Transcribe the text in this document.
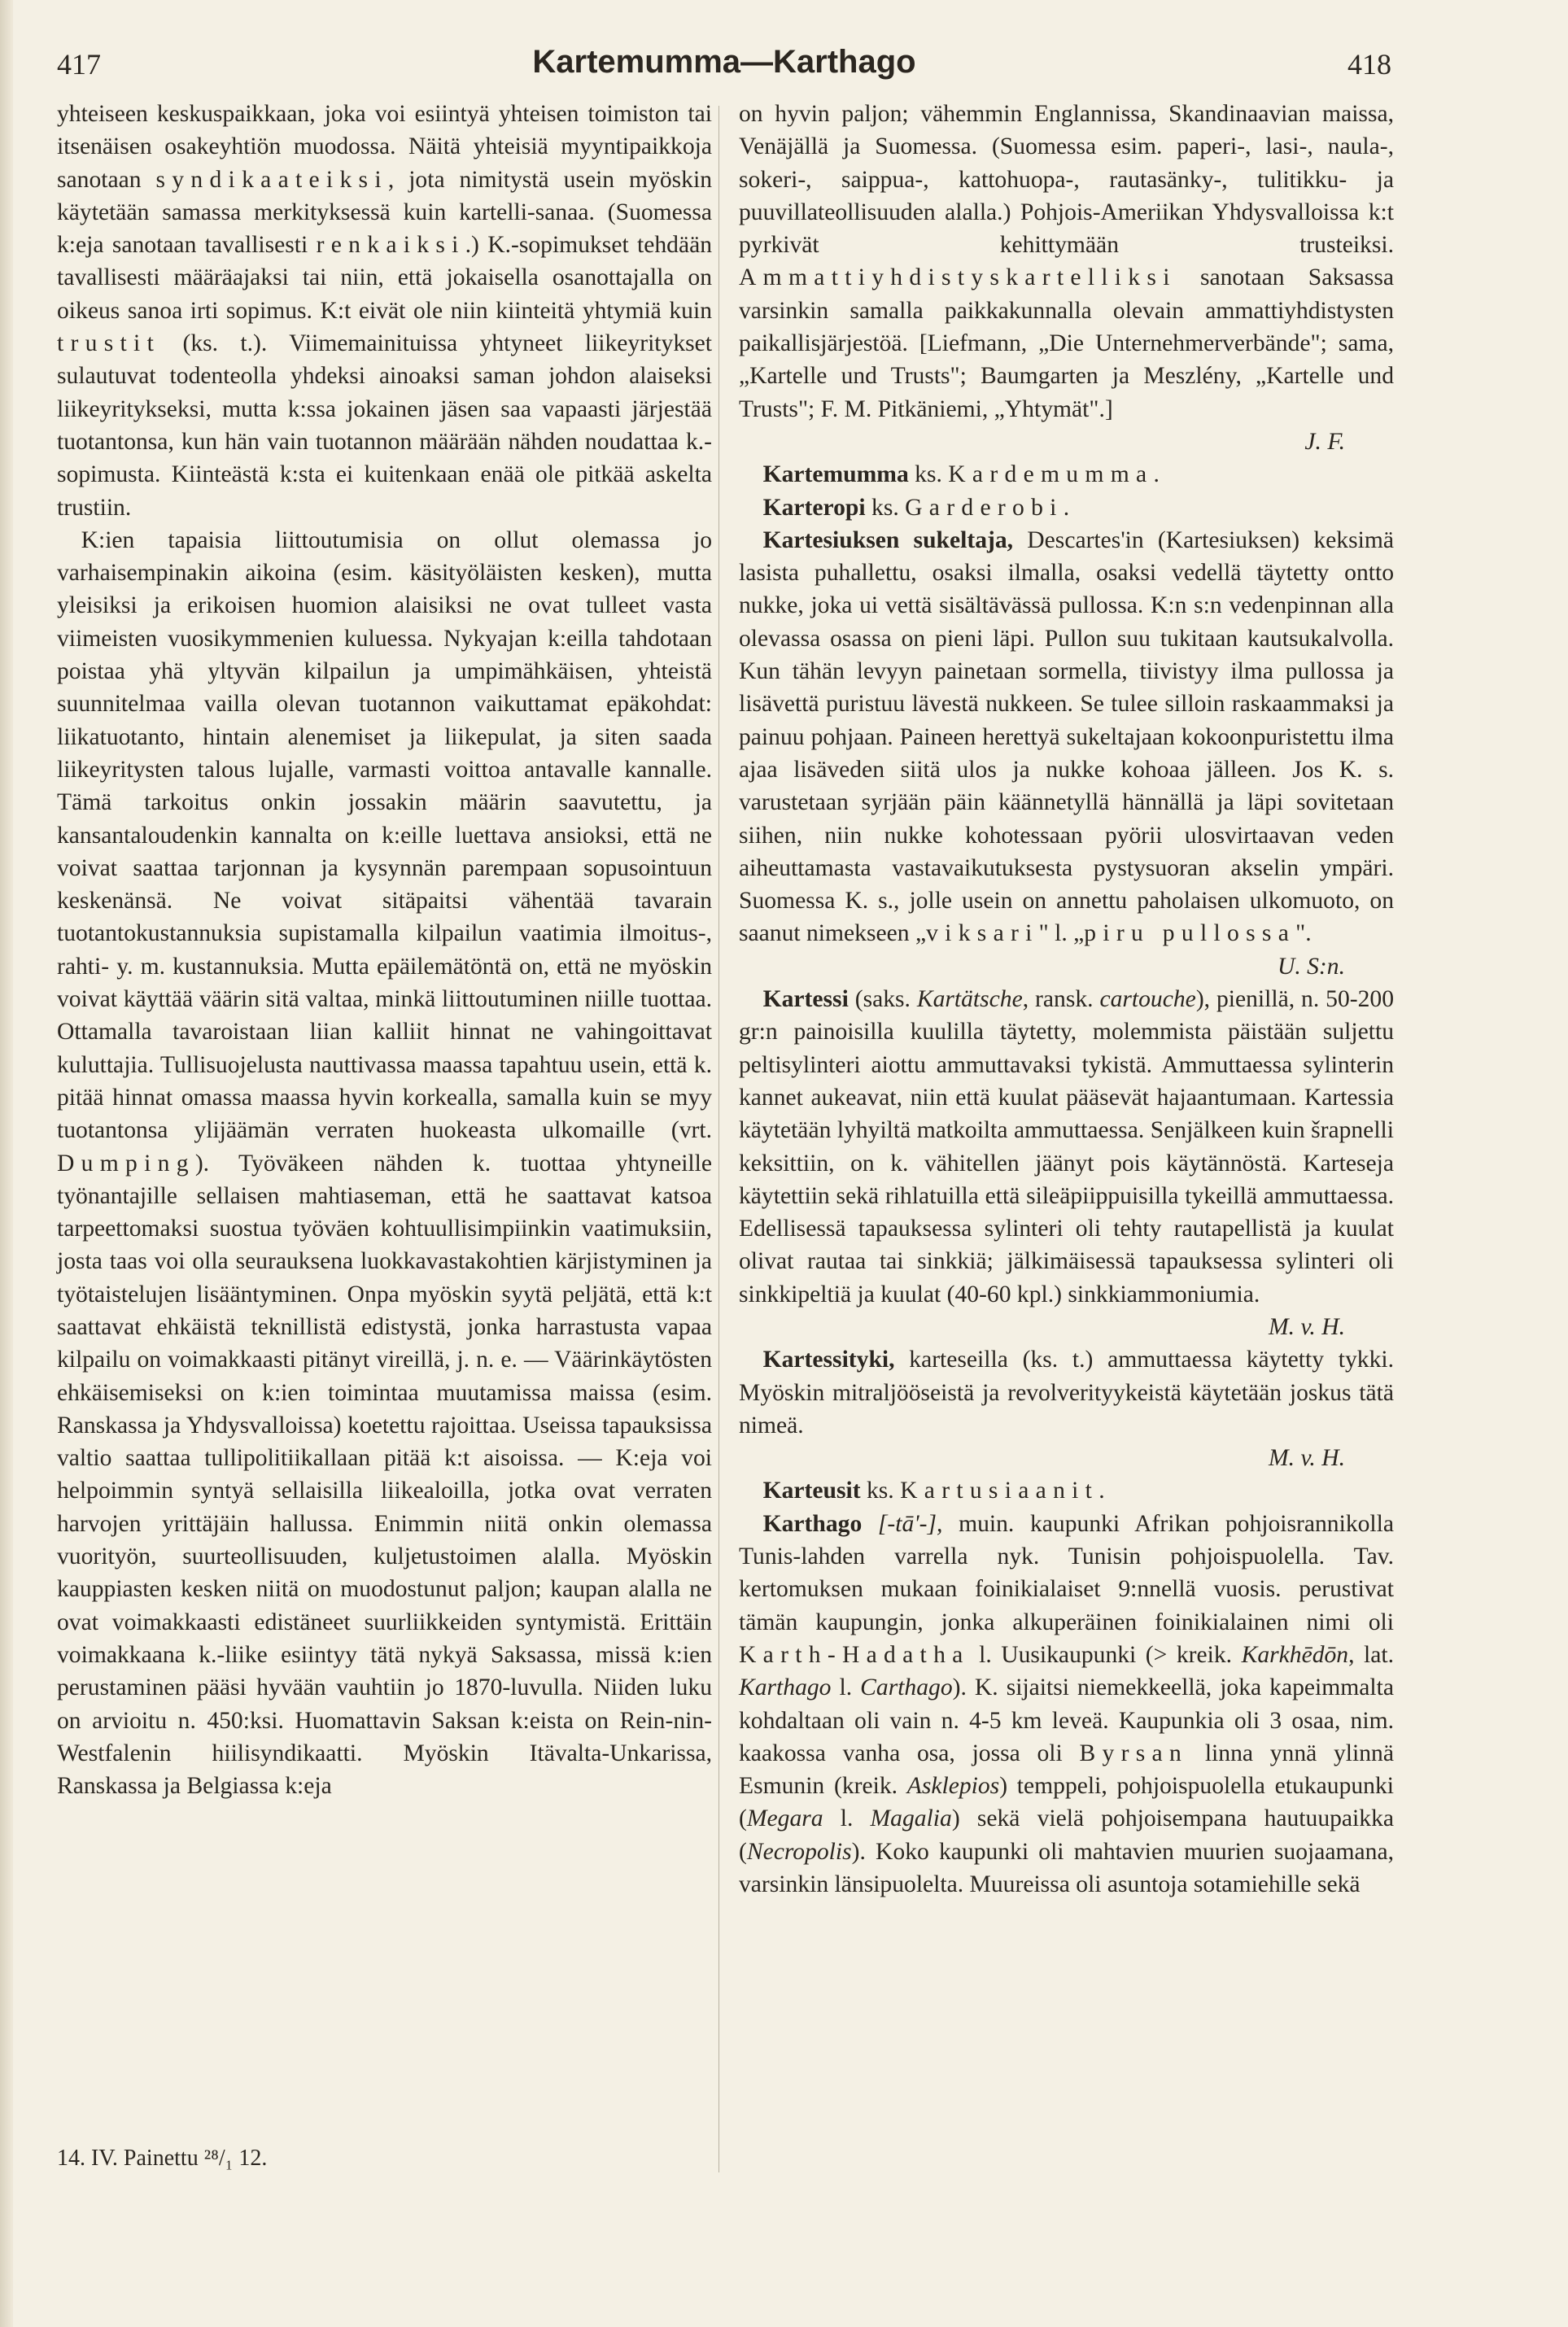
417	Kartemumma—Karthago	418

yhteiseen keskuspaikkaan, joka voi esiintyä yhteisen toimiston tai itsenäisen osakeyhtiön muodossa. Näitä yhteisiä myyntipaikkoja sanotaan syndikaateiksi, jota nimitystä usein myöskin käytetään samassa merkityksessä kuin kartelli-sanaa. (Suomessa k:eja sanotaan tavallisesti renkaiksi.) K.-sopimukset tehdään tavallisesti määräajaksi tai niin, että jokaisella osanottajalla on oikeus sanoa irti sopimus. K:t eivät ole niin kiinteitä yhtymiä kuin trustit (ks. t.). Viimemainituissa yhtyneet liikeyritykset sulautuvat todenteolla yhdeksi ainoaksi saman johdon alaiseksi liikeyritykseksi, mutta k:ssa jokainen jäsen saa vapaasti järjestää tuotantonsa, kun hän vain tuotannon määrään nähden noudattaa k.-sopimusta. Kiinteästä k:sta ei kuitenkaan enää ole pitkää askelta trustiin.

 K:ien tapaisia liittoutumisia on ollut olemassa jo varhaisempinakin aikoina (esim. käsityöläisten kesken), mutta yleisiksi ja erikoisen huomion alaisiksi ne ovat tulleet vasta viimeisten vuosikymmenien kuluessa. Nykyajan k:eilla tahdotaan poistaa yhä yltyvän kilpailun ja umpimähkäisen, yhteistä suunnitelmaa vailla olevan tuotannon vaikuttamat epäkohdat: liikatuotanto, hintain alenemiset ja liikepulat, ja siten saada liikeyritysten talous lujalle, varmasti voittoa antavalle kannalle. Tämä tarkoitus onkin jossakin määrin saavutettu, ja kansantaloudenkin kannalta on k:eille luettava ansioksi, että ne voivat saattaa tarjonnan ja kysynnän parempaan sopusointuun keskenänsä. Ne voivat sitäpaitsi vähentää tavarain tuotantokustannuksia supistamalla kilpailun vaatimia ilmoitus-, rahti- y. m. kustannuksia. Mutta epäilemätöntä on, että ne myöskin voivat käyttää väärin sitä valtaa, minkä liittoutuminen niille tuottaa. Ottamalla tavaroistaan liian kalliit hinnat ne vahingoittavat kuluttajia. Tullisuojelusta nauttivassa maassa tapahtuu usein, että k. pitää hinnat omassa maassa hyvin korkealla, samalla kuin se myy tuotantonsa ylijäämän verraten huokeasta ulkomaille (vrt. Dumping). Työväkeen nähden k. tuottaa yhtyneille työnantajille sellaisen mahtiaseman, että he saattavat katsoa tarpeettomaksi suostua työväen kohtuullisimpiinkin vaatimuksiin, josta taas voi olla seurauksena luokkavastakohtien kärjistyminen ja työtaistelujen lisääntyminen. Onpa myöskin syytä peljätä, että k:t saattavat ehkäistä teknillistä edistystä, jonka harrastusta vapaa kilpailu on voimakkaasti pitänyt vireillä, j. n. e. — Väärinkäytösten ehkäisemiseksi on k:ien toimintaa muutamissa maissa (esim. Ranskassa ja Yhdysvalloissa) koetettu rajoittaa. Useissa tapauksissa valtio saattaa tullipolitiikallaan pitää k:t aisoissa. — K:eja voi helpoimmin syntyä sellaisilla liikealoilla, jotka ovat verraten harvojen yrittäjäin hallussa. Enimmin niitä onkin olemassa vuorityön, suurteollisuuden, kuljetustoimen alalla. Myöskin kauppiasten kesken niitä on muodostunut paljon; kaupan alalla ne ovat voimakkaasti edistäneet suurliikkeiden syntymistä. Erittäin voimakkaana k.-liike esiintyy tätä nykyä Saksassa, missä k:ien perustaminen pääsi hyvään vauhtiin jo 1870-luvulla. Niiden luku on arvioitu n. 450:ksi. Huomattavin Saksan k:eista on Rein-nin-Westfalenin hiilisyndikaatti. Myöskin Itävalta-Unkarissa, Ranskassa ja Belgiassa k:eja

on hyvin paljon; vähemmin Englannissa, Skandinaavian maissa, Venäjällä ja Suomessa. (Suomessa esim. paperi-, lasi-, naula-, sokeri-, saippua-, kattohuopa-, rautasänky-, tulitikku- ja puuvillateollisuuden alalla.) Pohjois-Ameriikan Yhdysvalloissa k:t pyrkivät kehittymään trusteiksi. Ammattiyhdistyskartelliksi sanotaan Saksassa varsinkin samalla paikkakunnalla olevain ammattiyhdistysten paikallisjärjestöä. [Liefmann, „Die Unternehmerverbände"; sama, „Kartelle und Trusts"; Baumgarten ja Meszlény, „Kartelle und Trusts"; F. M. Pitkäniemi, „Yhtymät".]

J. F.

 Kartemumma ks. Kardemumma.

 Karteropi ks. Garderobi.

 Kartesiuksen sukeltaja, Descartes'in (Kartesiuksen) keksimä lasista puhallettu, osaksi ilmalla, osaksi vedellä täytetty ontto nukke, joka ui vettä sisältävässä pullossa. K:n s:n vedenpinnan alla olevassa osassa on pieni läpi. Pullon suu tukitaan kautsukalvolla. Kun tähän levyyn painetaan sormella, tiivistyy ilma pullossa ja lisävettä puristuu lävestä nukkeen. Se tulee silloin raskaammaksi ja painuu pohjaan. Paineen herettyä sukeltajaan kokoonpuristettu ilma ajaa lisäveden siitä ulos ja nukke kohoaa jälleen. Jos K. s. varustetaan syrjään päin käännetyllä hännällä ja läpi sovitetaan siihen, niin nukke kohotessaan pyörii ulosvirtaavan veden aiheuttamasta vastavaikutuksesta pystysuoran akselin ympäri. Suomessa K. s., jolle usein on annettu paholaisen ulkomuoto, on saanut nimekseen „viksari" l. „piru pullossa".

U. S:n.

 Kartessi (saks. Kartätsche, ransk. cartouche), pienillä, n. 50-200 gr:n painoisilla kuulilla täytetty, molemmista päistään suljettu peltisylinteri aiottu ammuttavaksi tykistä. Ammuttaessa sylinterin kannet aukeavat, niin että kuulat pääsevät hajaantumaan. Kartessia käytetään lyhyiltä matkoilta ammuttaessa. Senjälkeen kuin šrapnelli keksittiin, on k. vähitellen jäänyt pois käytännöstä. Karteseja käytettiin sekä rihlatuilla että sileäpiippuisilla tykeillä ammuttaessa. Edellisessä tapauksessa sylinteri oli tehty rautapellistä ja kuulat olivat rautaa tai sinkkiä; jälkimäisessä tapauksessa sylinteri oli sinkkipeltiä ja kuulat (40-60 kpl.) sinkkiammoniumia.

M. v. H.

 Kartessityki, karteseilla (ks. t.) ammuttaessa käytetty tykki. Myöskin mitraljööseistä ja revolverityykeistä käytetään joskus tätä nimeä.

M. v. H.

 Karteusit ks. Kartusiaanit.

 Karthago [-tā'-], muin. kaupunki Afrikan pohjoisrannikolla Tunis-lahden varrella nyk. Tunisin pohjoispuolella. Tav. kertomuksen mukaan foinikialaiset 9:nnellä vuosis. perustivat tämän kaupungin, jonka alkuperäinen foinikialainen nimi oli Karth-Hadatha l. Uusikaupunki (> kreik. Karkhēdōn, lat. Karthago l. Carthago). K. sijaitsi niemekkeellä, joka kapeimmalta kohdaltaan oli vain n. 4-5 km leveä. Kaupunkia oli 3 osaa, nim. kaakossa vanha osa, jossa oli Byrsan linna ynnä ylinnä Esmunin (kreik. Asklepios) temppeli, pohjoispuolella etukaupunki (Megara l. Magalia) sekä vielä pohjoisempana hautuupaikka (Necropolis). Koko kaupunki oli mahtavien muurien suojaamana, varsinkin länsipuolelta. Muureissa oli asuntoja sotamiehille sekä

14. IV. Painettu ²⁸/₁ 12.
